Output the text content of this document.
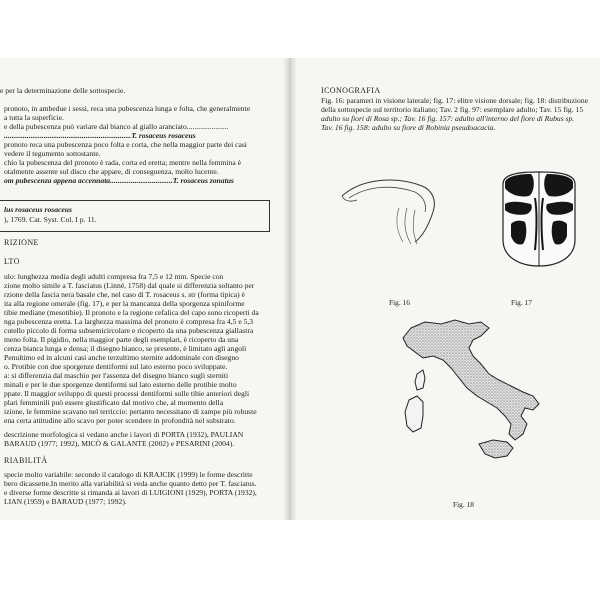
e per la determinazione delle sottospecie.
pronoto, in ambedue i sessi, reca una pubescenza lunga e folta, che generalmente
a tutta la superficie.
e della pubescenza può variare dal bianco al giallo aranciato......................
...................................................................T. rosaceus rosaceus
pronoto reca una pubescenza poco folta e corta, che nella maggior parte dei casi
vedere il tegumento sottostante.
chio la pubescenza del pronoto è rada, corta ed eretta; mentre nella femmina è
otalmente assente sul disco che appare, di conseguenza, molto lucente.
om pubescenza appena accennata.................................T. rosaceus zonatus
lus rosaceus rosaceus
), 1769. Cat. Syst. Col. I p. 11.
RIZIONE
LTO
ulo: lunghezza media degli adulti compresa fra 7,5 e 12 mm. Specie con
zione molto simile a T. fasciatus (Linné, 1758) dal quale si differenzia soltanto per
rzione della fascia nera basale che, nel caso di T. rosaceus s. str (forma tipica) è
ita alla regione omerale (fig. 17), e per la mancanza della sporgenza spiniforme
tibie mediane (mesotibie). Il pronoto e la regione cefalica del capo sono ricoperti da
nga pubescenza eretta. La larghezza massima del pronoto è compresa fra 4,5 e 5,3
cutello piccolo di forma subsemicircolare e ricoperto da una pubescenza giallastra
meno folta. Il pigidio, nella maggior parte degli esemplari, è ricoperto da una
cenza bianca lunga e densa; il disegno bianco, se presente, è limitato agli angoli
Penultimo ed in alcuni casi anche terzultimo sternite addominale con disegno
o. Protibie con due sporgenze dentiformi sul lato esterno poco sviluppate.
a: si differenzia dal maschio per l'assenza del disegno bianco sugli sterniti
minali e per le due sporgenze dentiformi sul lato esterno delle protibie molto
ppate. Il maggior sviluppo di questi processi dentiformi sulle tibie anteriori degli
plari femminili può essere giustificato dal motivo che, al momento della
izione, le femmine scavano nel terriccio: pertanto necessitano di zampe più robuste
ena certa attitudine allo scavo per poter scendere in profondità nel substrato.
descrizione morfologica si vedano anche i lavori di PORTA (1932), PAULIAN
BARAUD (1977; 1992), MICÒ & GALANTE (2002) e PESARINI (2004).
RIABILITÀ
specie molto variabile: secondo il catalogo di KRAJCIK (1999) le forme descritte
bero dicassette.In merito alla variabilità si veda anche quanto detto per T. fasciatus.
e diverse forme descritte si rimanda ai lavori di LUIGIONI (1929), PORTA (1932),
LIAN (1959) e BARAUD (1977; 1992).
ICONOGRAFIA
Fig. 16: parameri in visione laterale; fig. 17: elitre visione dorsale; fig. 18: distribuzione
della sottospecie sul territorio italiano; Tav. 2 fig. 97: esemplare adulto; Tav. 15 fig. 15
adulto su fiori di Rosa sp.; Tav. 16 fig. 157: adulto all'interno del fiore di Rubus sp.
Tav. 16 fig. 158: adulto su fiore di Robinia pseudoacacia.
Fig. 16	Fig. 17
Fig. 18
